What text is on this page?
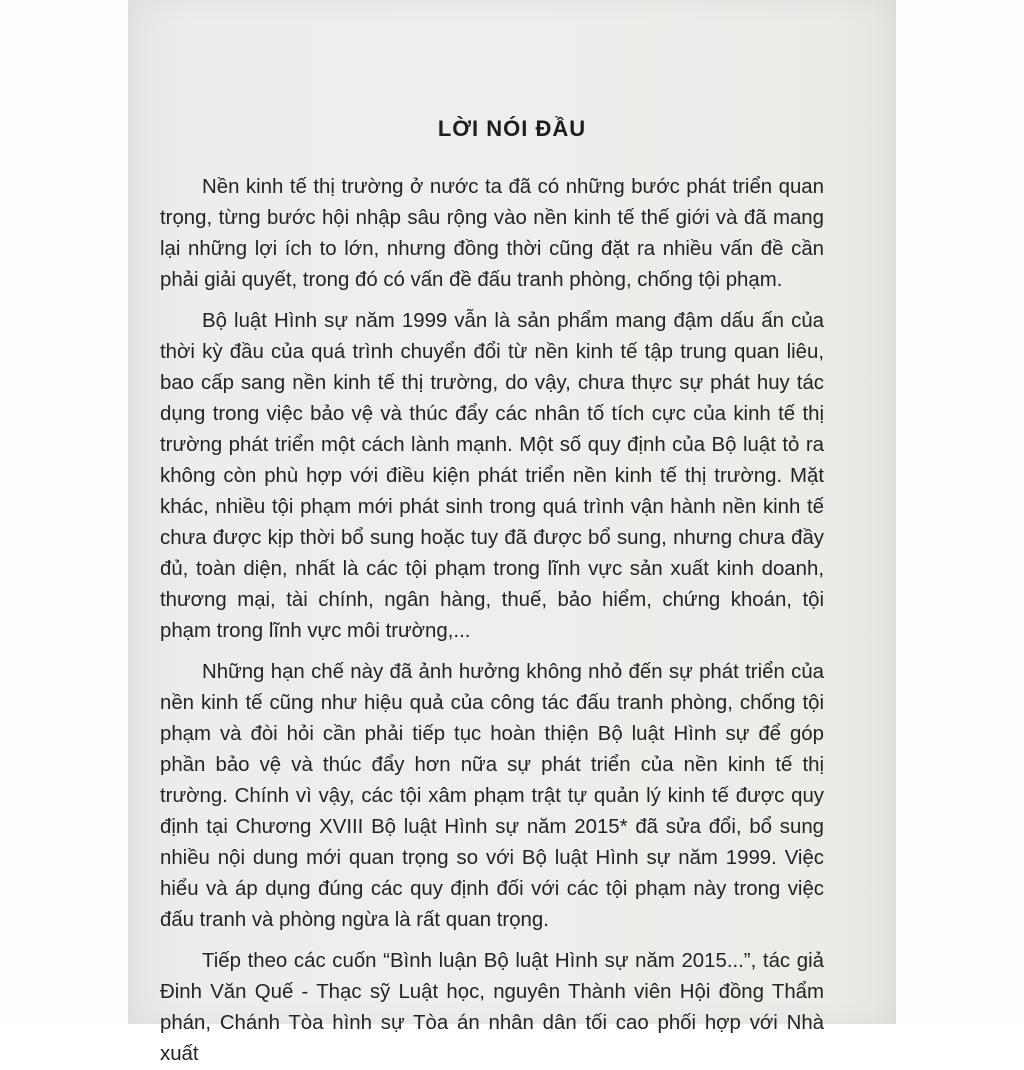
LỜI NÓI ĐẦU

Nền kinh tế thị trường ở nước ta đã có những bước phát triển quan trọng, từng bước hội nhập sâu rộng vào nền kinh tế thế giới và đã mang lại những lợi ích to lớn, nhưng đồng thời cũng đặt ra nhiều vấn đề cần phải giải quyết, trong đó có vấn đề đấu tranh phòng, chống tội phạm.

Bộ luật Hình sự năm 1999 vẫn là sản phẩm mang đậm dấu ấn của thời kỳ đầu của quá trình chuyển đổi từ nền kinh tế tập trung quan liêu, bao cấp sang nền kinh tế thị trường, do vậy, chưa thực sự phát huy tác dụng trong việc bảo vệ và thúc đẩy các nhân tố tích cực của kinh tế thị trường phát triển một cách lành mạnh. Một số quy định của Bộ luật tỏ ra không còn phù hợp với điều kiện phát triển nền kinh tế thị trường. Mặt khác, nhiều tội phạm mới phát sinh trong quá trình vận hành nền kinh tế chưa được kịp thời bổ sung hoặc tuy đã được bổ sung, nhưng chưa đầy đủ, toàn diện, nhất là các tội phạm trong lĩnh vực sản xuất kinh doanh, thương mại, tài chính, ngân hàng, thuế, bảo hiểm, chứng khoán, tội phạm trong lĩnh vực môi trường,...

Những hạn chế này đã ảnh hưởng không nhỏ đến sự phát triển của nền kinh tế cũng như hiệu quả của công tác đấu tranh phòng, chống tội phạm và đòi hỏi cần phải tiếp tục hoàn thiện Bộ luật Hình sự để góp phần bảo vệ và thúc đẩy hơn nữa sự phát triển của nền kinh tế thị trường. Chính vì vậy, các tội xâm phạm trật tự quản lý kinh tế được quy định tại Chương XVIII Bộ luật Hình sự năm 2015* đã sửa đổi, bổ sung nhiều nội dung mới quan trọng so với Bộ luật Hình sự năm 1999. Việc hiểu và áp dụng đúng các quy định đối với các tội phạm này trong việc đấu tranh và phòng ngừa là rất quan trọng.

Tiếp theo các cuốn “Bình luận Bộ luật Hình sự năm 2015...”, tác giả Đinh Văn Quế - Thạc sỹ Luật học, nguyên Thành viên Hội đồng Thẩm phán, Chánh Tòa hình sự Tòa án nhân dân tối cao phối hợp với Nhà xuất
